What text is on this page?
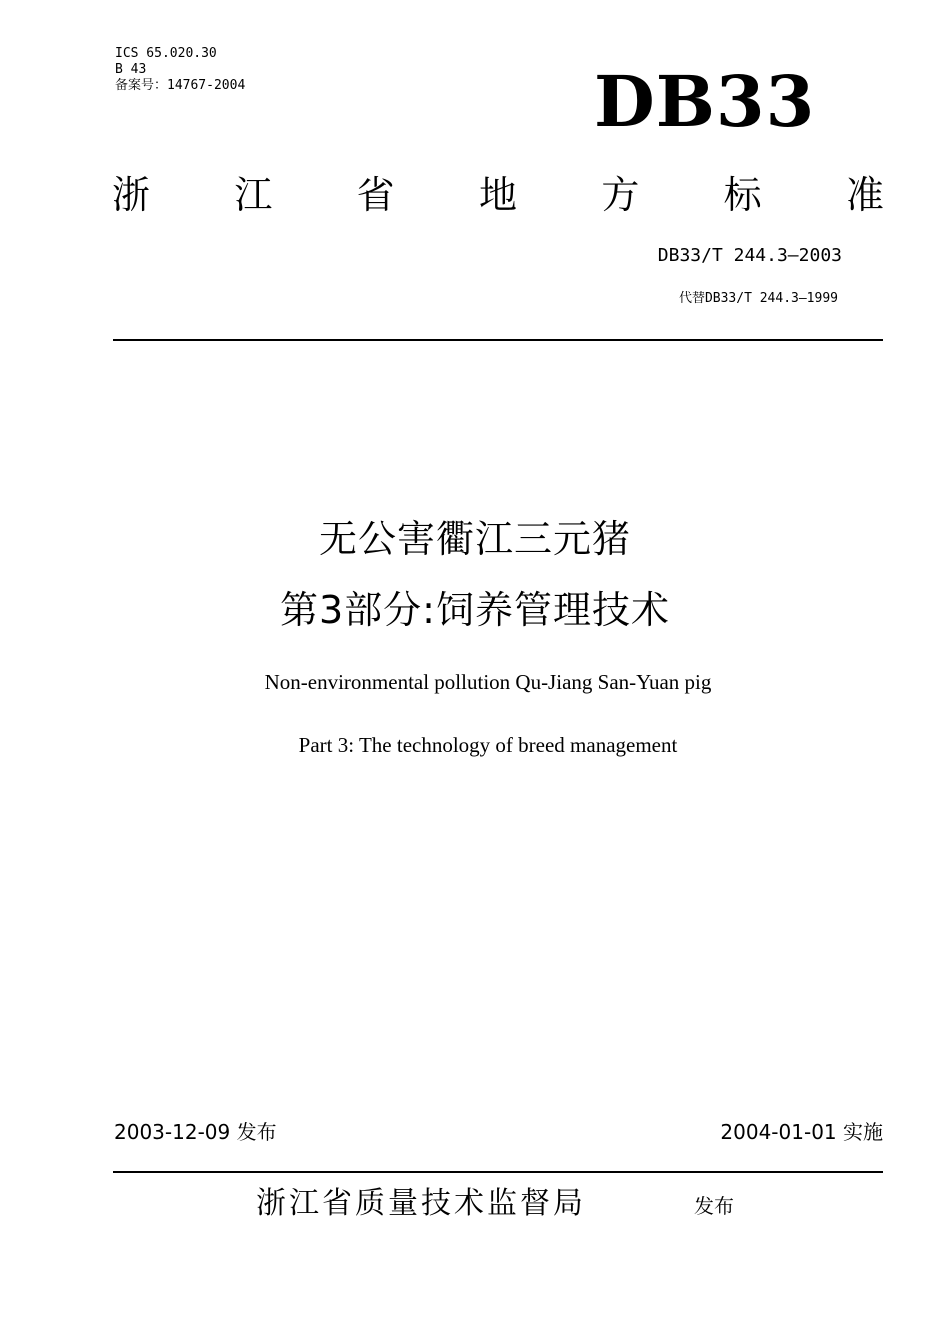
ICS 65.020.30
B 43
备案号：14767-2004	DB33
浙 江 省 地 方 标 准
DB33/T 244.3—2003
代替DB33/T 244.3—1999
无公害衢江三元猪
第3部分:饲养管理技术
Non-environmental pollution Qu-Jiang San-Yuan pig
Part 3: The technology of breed management
2003-12-09 发布	2004-01-01 实施
浙江省质量技术监督局	发布
